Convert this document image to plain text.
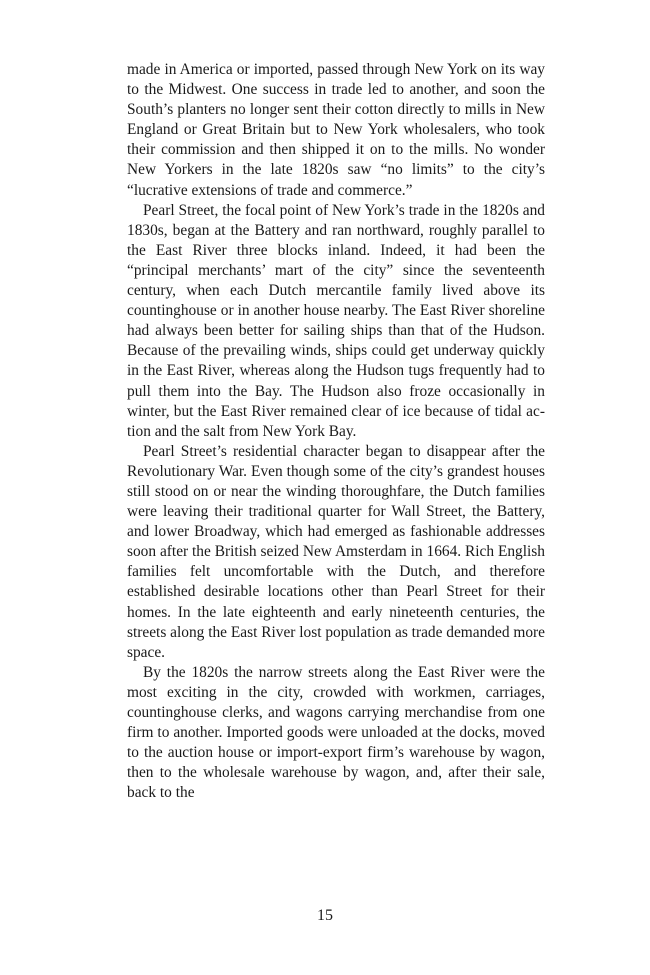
made in America or imported, passed through New York on its way to the Midwest. One success in trade led to another, and soon the South’s planters no longer sent their cotton directly to mills in New England or Great Britain but to New York wholesalers, who took their commission and then shipped it on to the mills. No wonder New Yorkers in the late 1820s saw “no limits” to the city’s “lucrative extensions of trade and commerce.”

Pearl Street, the focal point of New York’s trade in the 1820s and 1830s, began at the Battery and ran northward, roughly parallel to the East River three blocks inland. Indeed, it had been the “principal merchants’ mart of the city” since the seventeenth century, when each Dutch mercantile family lived above its countinghouse or in another house nearby. The East River shoreline had always been better for sailing ships than that of the Hudson. Because of the prevailing winds, ships could get underway quickly in the East River, whereas along the Hudson tugs frequently had to pull them into the Bay. The Hudson also froze occasionally in winter, but the East River remained clear of ice because of tidal action and the salt from New York Bay.

Pearl Street’s residential character began to disappear after the Revolutionary War. Even though some of the city’s grandest houses still stood on or near the winding thoroughfare, the Dutch families were leaving their traditional quarter for Wall Street, the Battery, and lower Broadway, which had emerged as fashionable addresses soon after the British seized New Amsterdam in 1664. Rich English families felt uncomfortable with the Dutch, and therefore established desirable locations other than Pearl Street for their homes. In the late eighteenth and early nineteenth centuries, the streets along the East River lost population as trade demanded more space.

By the 1820s the narrow streets along the East River were the most exciting in the city, crowded with workmen, carriages, countinghouse clerks, and wagons carrying merchandise from one firm to another. Imported goods were unloaded at the docks, moved to the auction house or import-export firm’s warehouse by wagon, then to the wholesale warehouse by wagon, and, after their sale, back to the

15
